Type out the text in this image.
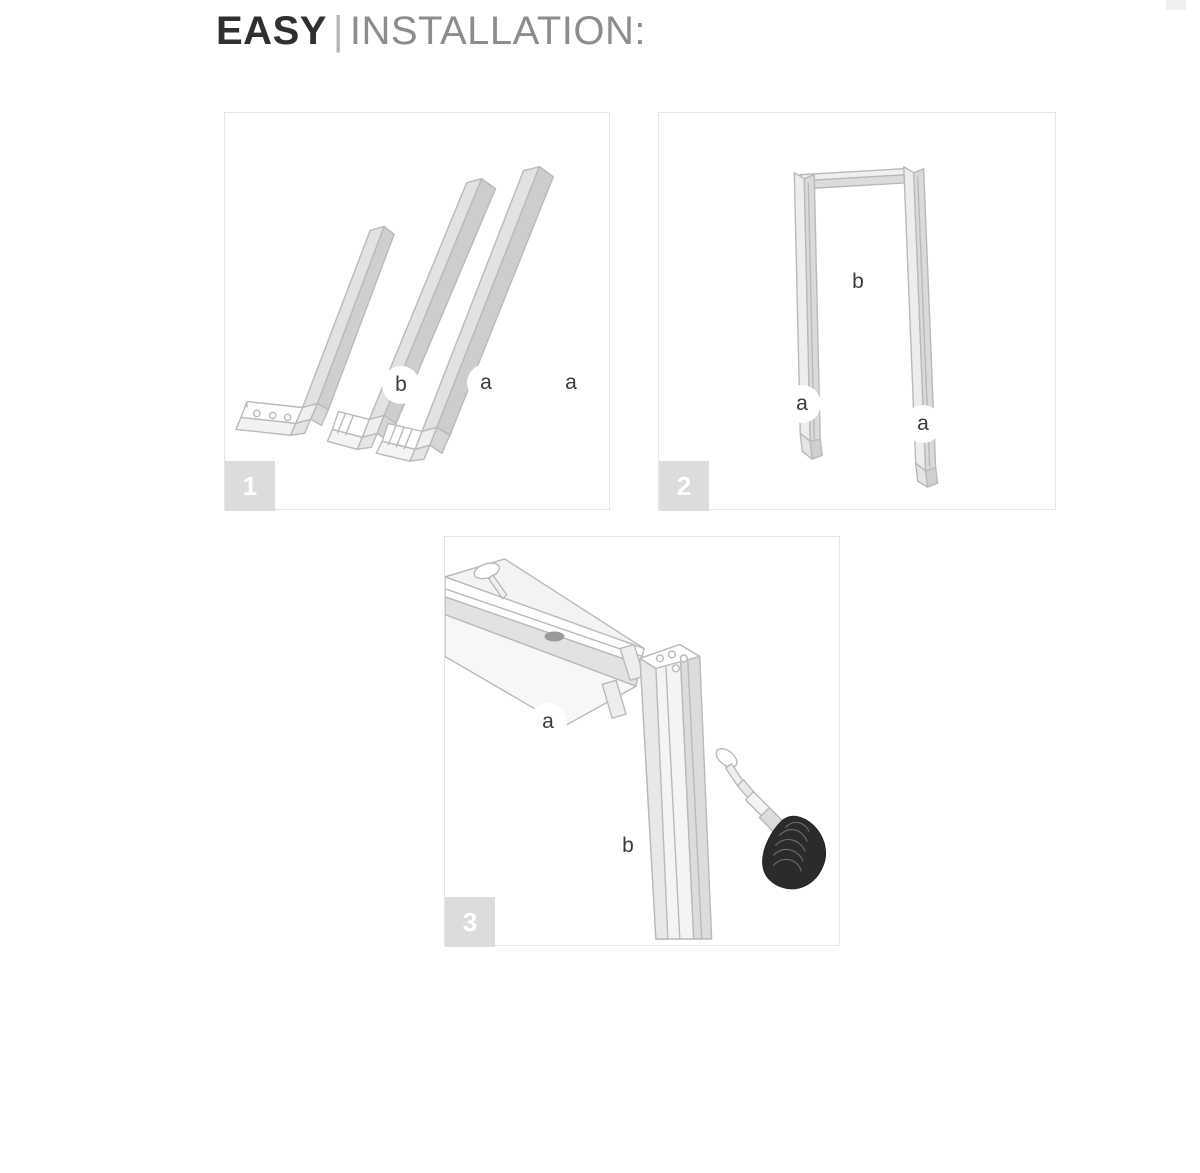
EASY | INSTALLATION:
b	a	a
1
a
b
a
2
a
b
3
